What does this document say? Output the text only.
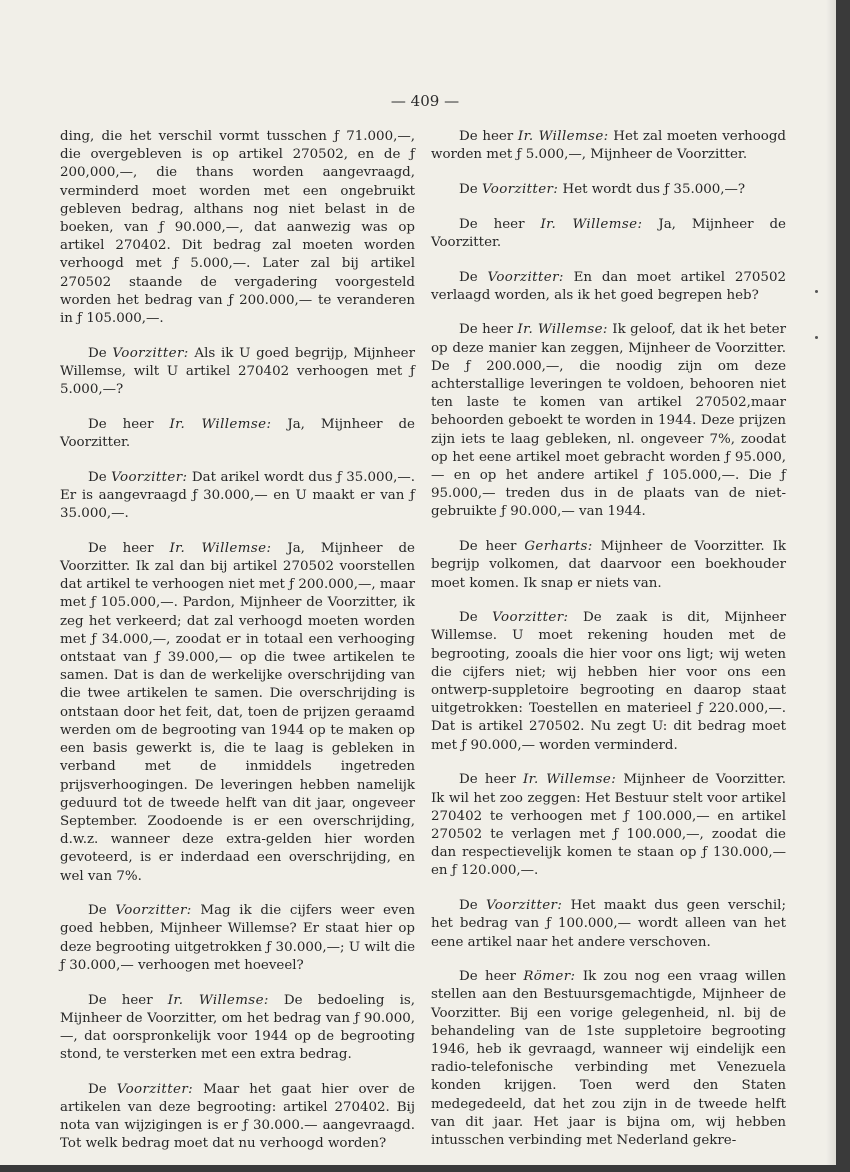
— 409 —

ding, die het verschil vormt tusschen ƒ 71.000,—, die overgebleven is op artikel 270502, en de ƒ 200,000,—, die thans worden aangevraagd, verminderd moet worden met een ongebruikt gebleven bedrag, althans nog niet belast in de boeken, van ƒ 90.000,—, dat aanwezig was op artikel 270402. Dit bedrag zal moeten worden verhoogd met ƒ 5.000,—. Later zal bij artikel 270502 staande de vergadering voorgesteld worden het bedrag van ƒ 200.000,— te veranderen in ƒ 105.000,—.

De Voorzitter: Als ik U goed begrijp, Mijnheer Willemse, wilt U artikel 270402 verhoogen met ƒ 5.000,—?

De heer Ir. Willemse: Ja, Mijnheer de Voorzitter.

De Voorzitter: Dat arikel wordt dus ƒ 35.000,—. Er is aangevraagd ƒ 30.000,— en U maakt er van ƒ 35.000,—.

De heer Ir. Willemse: Ja, Mijnheer de Voorzitter. Ik zal dan bij artikel 270502 voorstellen dat artikel te verhoogen niet met ƒ 200.000,—, maar met ƒ 105.000,—. Pardon, Mijnheer de Voorzitter, ik zeg het verkeerd; dat zal verhoogd moeten worden met ƒ 34.000,—, zoodat er in totaal een verhooging ontstaat van ƒ 39.000,— op die twee artikelen te samen. Dat is dan de werkelijke overschrijding van die twee artikelen te samen. Die overschrijding is ontstaan door het feit, dat, toen de prijzen geraamd werden om de begrooting van 1944 op te maken op een basis gewerkt is, die te laag is gebleken in verband met de inmiddels ingetreden prijsverhoogingen. De leveringen hebben namelijk geduurd tot de tweede helft van dit jaar, ongeveer September. Zoodoende is er een overschrijding, d.w.z. wanneer deze extra-gelden hier worden gevoteerd, is er inderdaad een overschrijding, en wel van 7%.

De Voorzitter: Mag ik die cijfers weer even goed hebben, Mijnheer Willemse? Er staat hier op deze begrooting uitgetrokken ƒ 30.000,—; U wilt die ƒ 30.000,— verhoogen met hoeveel?

De heer Ir. Willemse: De bedoeling is, Mijnheer de Voorzitter, om het bedrag van ƒ 90.000,—, dat oorspronkelijk voor 1944 op de begrooting stond, te versterken met een extra bedrag.

De Voorzitter: Maar het gaat hier over de artikelen van deze begrooting: artikel 270402. Bij nota van wijzigingen is er ƒ 30.000.— aangevraagd. Tot welk bedrag moet dat nu verhoogd worden?

De heer Ir. Willemse: Het zal moeten verhoogd worden met ƒ 5.000,—, Mijnheer de Voorzitter.

De Voorzitter: Het wordt dus ƒ 35.000,—?

De heer Ir. Willemse: Ja, Mijnheer de Voorzitter.

De Voorzitter: En dan moet artikel 270502 verlaagd worden, als ik het goed begrepen heb?

De heer Ir. Willemse: Ik geloof, dat ik het beter op deze manier kan zeggen, Mijnheer de Voorzitter. De ƒ 200.000,—, die noodig zijn om deze achterstallige leveringen te voldoen, behooren niet ten laste te komen van artikel 270502,maar behoorden geboekt te worden in 1944. Deze prijzen zijn iets te laag gebleken, nl. ongeveer 7%, zoodat op het eene artikel moet gebracht worden ƒ 95.000,— en op het andere artikel ƒ 105.000,—. Die ƒ 95.000,— treden dus in de plaats van de niet-gebruikte ƒ 90.000,— van 1944.

De heer Gerharts: Mijnheer de Voorzitter. Ik begrijp volkomen, dat daarvoor een boekhouder moet komen. Ik snap er niets van.

De Voorzitter: De zaak is dit, Mijnheer Willemse. U moet rekening houden met de begrooting, zooals die hier voor ons ligt; wij weten die cijfers niet; wij hebben hier voor ons een ontwerp-suppletoire begrooting en daarop staat uitgetrokken: Toestellen en materieel ƒ 220.000,—. Dat is artikel 270502. Nu zegt U: dit bedrag moet met ƒ 90.000,— worden verminderd.

De heer Ir. Willemse: Mijnheer de Voorzitter. Ik wil het zoo zeggen: Het Bestuur stelt voor artikel 270402 te verhoogen met ƒ 100.000,— en artikel 270502 te verlagen met ƒ 100.000,—, zoodat die dan respectievelijk komen te staan op ƒ 130.000,— en ƒ 120.000,—.

De Voorzitter: Het maakt dus geen verschil; het bedrag van ƒ 100.000,— wordt alleen van het eene artikel naar het andere verschoven.

De heer Römer: Ik zou nog een vraag willen stellen aan den Bestuursgemachtigde, Mijnheer de Voorzitter. Bij een vorige gelegenheid, nl. bij de behandeling van de 1ste suppletoire begrooting 1946, heb ik gevraagd, wanneer wij eindelijk een radio-telefonische verbinding met Venezuela konden krijgen. Toen werd den Staten medegedeeld, dat het zou zijn in de tweede helft van dit jaar. Het jaar is bijna om, wij hebben intusschen verbinding met Nederland gekre-
